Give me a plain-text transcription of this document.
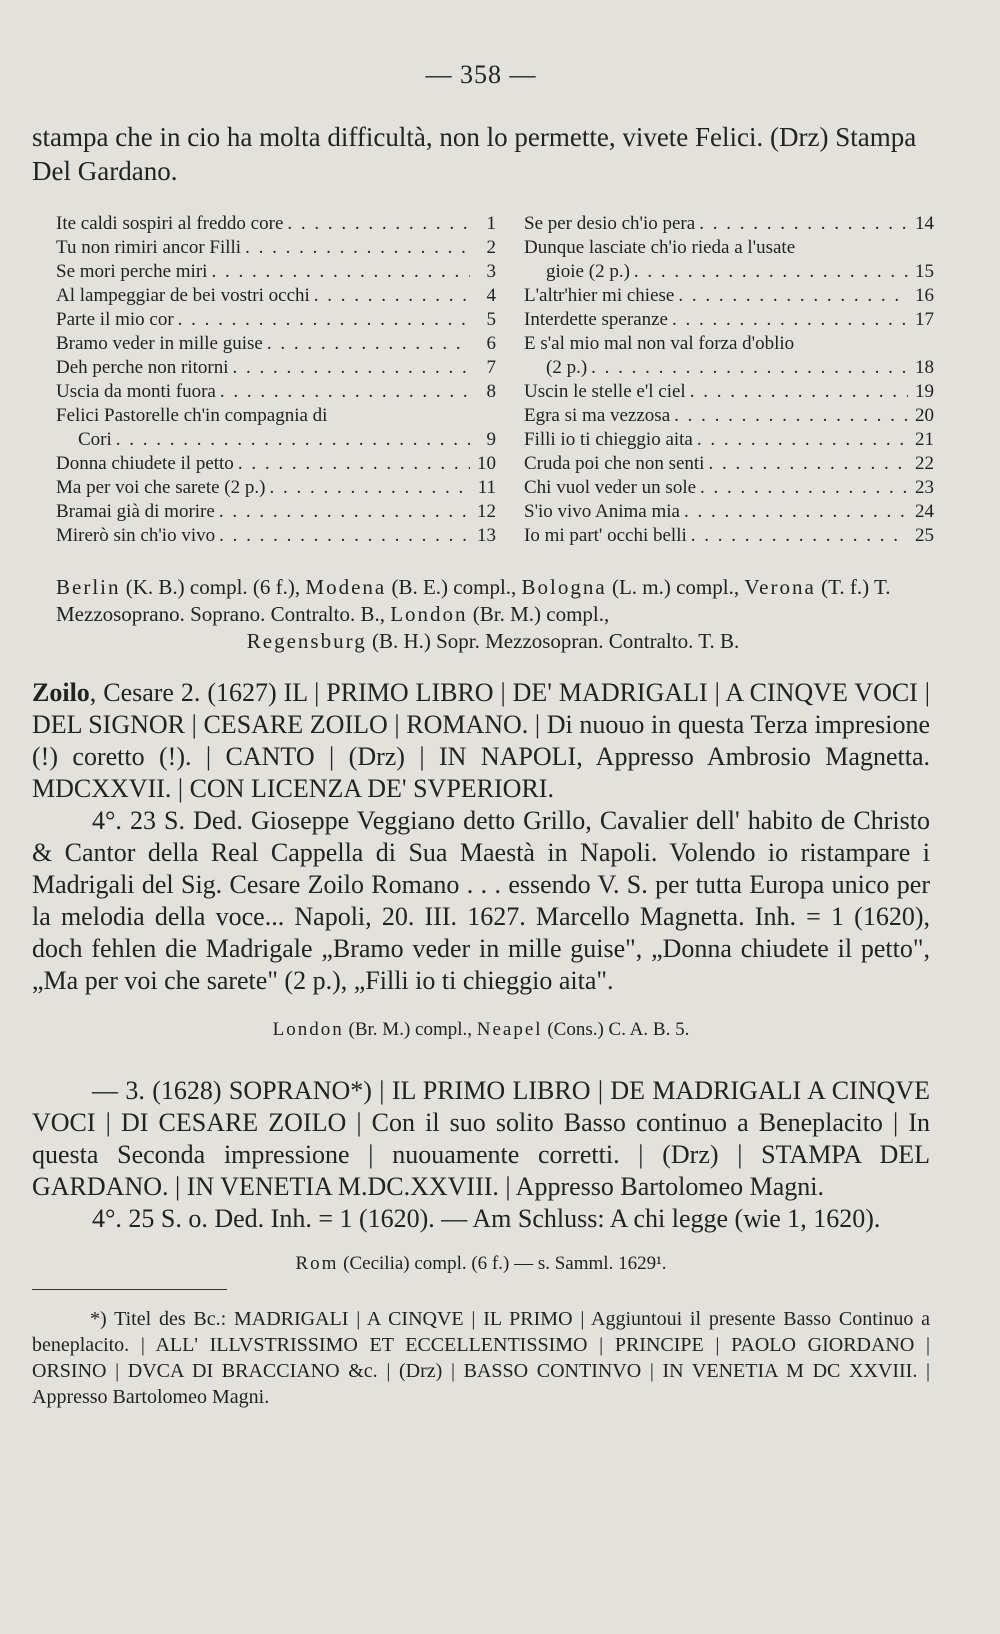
— 358 —

stampa che in cio ha molta difficultà, non lo permette, vivete Felici. (Drz) Stampa Del Gardano.

Ite caldi sospiri al freddo core . . .	1
Tu non rimiri ancor Filli . . .	2
Se mori perche miri . . .	3
Al lampeggiar de bei vostri occhi . . .	4
Parte il mio cor . . .	5
Bramo veder in mille guise . . .	6
Deh perche non ritorni . . .	7
Uscia da monti fuora . . .	8
Felici Pastorelle ch'in compagnia di
Cori . . .	9
Donna chiudete il petto . . .	10
Ma per voi che sarete (2 p.) . . .	11
Bramai già di morire . . .	12
Mirerò sin ch'io vivo . . .	13
Se per desio ch'io pera . . .	14
Dunque lasciate ch'io rieda a l'usate
gioie (2 p.) . . .	15
L'altr'hier mi chiese . . .	16
Interdette speranze . . .	17
E s'al mio mal non val forza d'oblio
(2 p.) . . .	18
Uscin le stelle e'l ciel . . .	19
Egra si ma vezzosa . . .	20
Filli io ti chieggio aita . . .	21
Cruda poi che non senti . . .	22
Chi vuol veder un sole . . .	23
S'io vivo Anima mia . . .	24
Io mi part' occhi belli . . .	25
Berlin (K. B.) compl. (6 f.), Modena (B. E.) compl., Bologna (L. m.) compl., Verona (T. f.) T. Mezzosoprano. Soprano. Contralto. B., London (Br. M.) compl.,
Regensburg (B. H.) Sopr. Mezzosopran. Contralto. T. B.

Zoilo, Cesare 2. (1627) IL | PRIMO LIBRO | DE' MADRIGALI | A CINQVE VOCI | DEL SIGNOR | CESARE ZOILO | ROMANO. | Di nuouo in questa Terza impresione (!) coretto (!). | CANTO | (Drz) | IN NAPOLI, Appresso Ambrosio Magnetta. MDCXXVII. | CON LICENZA DE' SVPERIORI.

4°. 23 S. Ded. Gioseppe Veggiano detto Grillo, Cavalier dell' habito de Christo & Cantor della Real Cappella di Sua Maestà in Napoli. Volendo io ristampare i Madrigali del Sig. Cesare Zoilo Romano . . . essendo V. S. per tutta Europa unico per la melodia della voce... Napoli, 20. III. 1627. Marcello Magnetta. Inh. = 1 (1620), doch fehlen die Madrigale „Bramo veder in mille guise", „Donna chiudete il petto", „Ma per voi che sarete" (2 p.), „Filli io ti chieggio aita".

London (Br. M.) compl., Neapel (Cons.) C. A. B. 5.

— 3. (1628) SOPRANO*) | IL PRIMO LIBRO | DE MADRIGALI A CINQVE VOCI | DI CESARE ZOILO | Con il suo solito Basso continuo a Beneplacito | In questa Seconda impressione | nuouamente corretti. | (Drz) | STAMPA DEL GARDANO. | IN VENETIA M.DC.XXVIII. | Appresso Bartolomeo Magni.

4°. 25 S. o. Ded. Inh. = 1 (1620). — Am Schluss: A chi legge (wie 1, 1620).

Rom (Cecilia) compl. (6 f.) — s. Samml. 1629¹.

*) Titel des Bc.: MADRIGALI | A CINQVE | IL PRIMO | Aggiuntoui il presente Basso Continuo a beneplacito. | ALL' ILLVSTRISSIMO ET ECCELLENTISSIMO | PRINCIPE | PAOLO GIORDANO | ORSINO | DVCA DI BRACCIANO &c. | (Drz) | BASSO CONTINVO | IN VENETIA M DC XXVIII. | Appresso Bartolomeo Magni.
